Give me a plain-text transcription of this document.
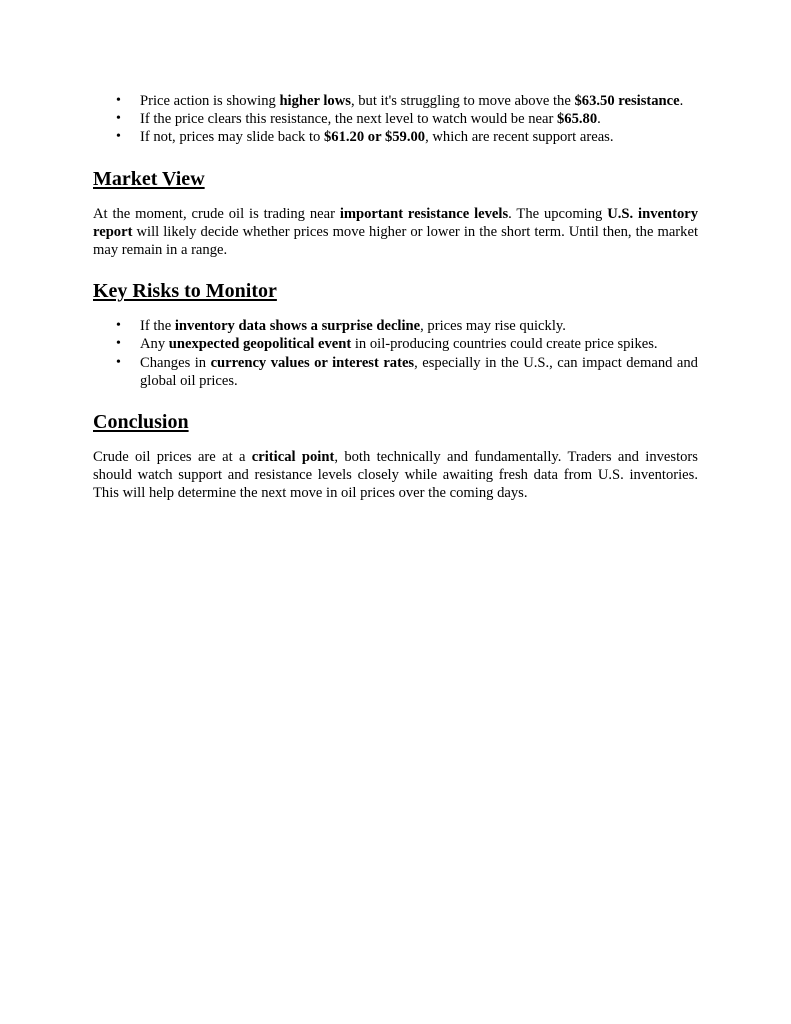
• Price action is showing higher lows, but it's struggling to move above the $63.50 resistance.
• If the price clears this resistance, the next level to watch would be near $65.80.
• If not, prices may slide back to $61.20 or $59.00, which are recent support areas.
Market View

At the moment, crude oil is trading near important resistance levels. The upcoming U.S. inventory report will likely decide whether prices move higher or lower in the short term. Until then, the market may remain in a range.

Key Risks to Monitor
• If the inventory data shows a surprise decline, prices may rise quickly.
• Any unexpected geopolitical event in oil-producing countries could create price spikes.
• Changes in currency values or interest rates, especially in the U.S., can impact demand and global oil prices.
Conclusion

Crude oil prices are at a critical point, both technically and fundamentally. Traders and investors should watch support and resistance levels closely while awaiting fresh data from U.S. inventories. This will help determine the next move in oil prices over the coming days.
